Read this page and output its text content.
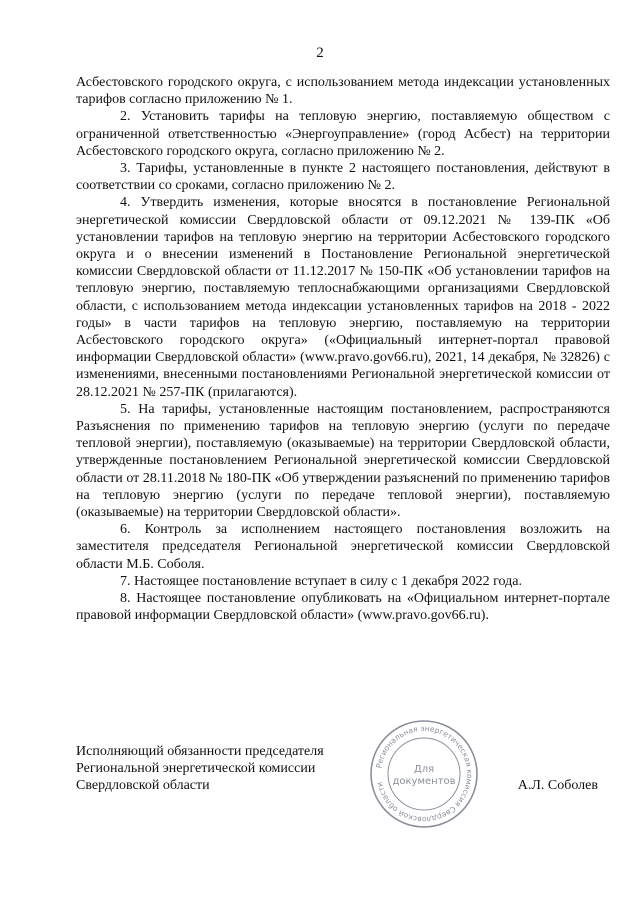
2

Асбестовского городского округа, с использованием метода индексации установленных тарифов согласно приложению № 1.

2. Установить тарифы на тепловую энергию, поставляемую обществом с ограниченной ответственностью «Энергоуправление» (город Асбест) на территории Асбестовского городского округа, согласно приложению № 2.

3. Тарифы, установленные в пункте 2 настоящего постановления, действуют в соответствии со сроками, согласно приложению № 2.

4. Утвердить изменения, которые вносятся в постановление Региональной энергетической комиссии Свердловской области от 09.12.2021 № 139-ПК «Об установлении тарифов на тепловую энергию на территории Асбестовского городского округа и о внесении изменений в Постановление Региональной энергетической комиссии Свердловской области от 11.12.2017 № 150-ПК «Об установлении тарифов на тепловую энергию, поставляемую теплоснабжающими организациями Свердловской области, с использованием метода индексации установленных тарифов на 2018 - 2022 годы» в части тарифов на тепловую энергию, поставляемую на территории Асбестовского городского округа» («Официальный интернет-портал правовой информации Свердловской области» (www.pravo.gov66.ru), 2021, 14 декабря, № 32826) с изменениями, внесенными постановлениями Региональной энергетической комиссии от 28.12.2021 № 257-ПК (прилагаются).

5. На тарифы, установленные настоящим постановлением, распространяются Разъяснения по применению тарифов на тепловую энергию (услуги по передаче тепловой энергии), поставляемую (оказываемые) на территории Свердловской области, утвержденные постановлением Региональной энергетической комиссии Свердловской области от 28.11.2018 № 180-ПК «Об утверждении разъяснений по применению тарифов на тепловую энергию (услуги по передаче тепловой энергии), поставляемую (оказываемые) на территории Свердловской области».

6. Контроль за исполнением настоящего постановления возложить на заместителя председателя Региональной энергетической комиссии Свердловской области М.Б. Соболя.

7. Настоящее постановление вступает в силу с 1 декабря 2022 года.

8. Настоящее постановление опубликовать на «Официальном интернет-портале правовой информации Свердловской области» (www.pravo.gov66.ru).

Исполняющий обязанности председателя
Региональной энергетической комиссии
Свердловской области	А.Л. Соболев
Региональная энергетическая комиссия Свердловской области
Для
документов
